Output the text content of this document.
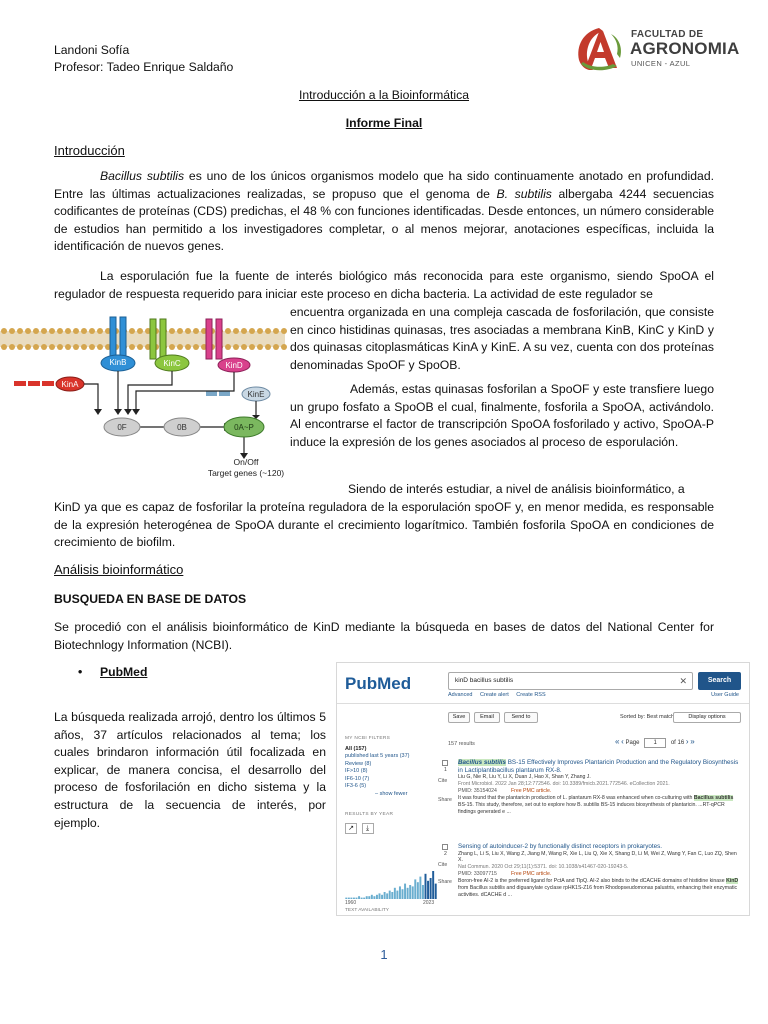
Landoni Sofía
Profesor: Tadeo Enrique Saldaño
FACULTAD DE
AGRONOMIA
UNICEN - AZUL
Introducción a la Bioinformática
Informe Final
Introducción
Bacillus subtilis es uno de los únicos organismos modelo que ha sido continuamente anotado en profundidad. Entre las últimas actualizaciones realizadas, se propuso que el genoma de B. subtilis albergaba 4244 secuencias codificantes de proteínas (CDS) predichas, el 48 % con funciones identificadas. Desde entonces, un número considerable de estudios han permitido a los investigadores completar, o al menos mejorar, anotaciones específicas, incluida la identificación de nuevos genes.
La esporulación fue la fuente de interés biológico más reconocida para este organismo, siendo SpoOA el regulador de respuesta requerido para iniciar este proceso en dicha bacteria. La actividad de este regulador se
encuentra organizada en una compleja cascada de fosforilación, que consiste en cinco histidinas quinasas, tres asociadas a membrana KinB, KinC y KinD y dos quinasas citoplasmáticas KinA y KinE. A su vez, cuenta con dos proteínas denominadas SpoOF y SpoOB.
KinB	KinC	KinD
KinA
KinE
0F	0B	0A~P
On/Off
Target genes (~120)
Además, estas quinasas fosforilan a SpoOF y este transfiere luego un grupo fosfato a SpoOB el cual, finalmente, fosforila a SpoOA, activándolo. Al encontrarse el factor de transcripción SpoOA fosforilado y activo, SpoOA-P induce la expresión de los genes asociados al proceso de esporulación.
Siendo de interés estudiar, a nivel de análisis bioinformático, a
KinD ya que es capaz de fosforilar la proteína reguladora de la esporulación spoOF y, en menor medida, es responsable de la expresión heterogénea de SpoOA durante el crecimiento logarítmico. También fosforila SpoOA en condiciones de crecimiento de biofilm.
Análisis bioinformático
BUSQUEDA EN BASE DE DATOS
Se procedió con el análisis bioinformático de KinD mediante la búsqueda en bases de datos del National Center for Biotechnlogy Information (NCBI).
• PubMed
La búsqueda realizada arrojó, dentro los últimos 5 años, 37 artículos relacionados al tema; los cuales brindaron información útil focalizada en explicar, de manera concisa, el desarrollo del proceso de fosforilación en dicho sistema y la estructura de la secuencia de interés, por ejemplo.
PubMed	kinD bacillus subtilis	✕	Search
Advanced Create alert Create RSS	User Guide
Save	Email	Send to	Sorted by: Best match	Display options
157 results	« ‹ Page 1 of 16 › »
MY NCBI FILTERS
All (157)
published last 5 years (37)
Review (8)
IF>10 (8)
IF6-10 (7)
IF3-6 (5)
– show fewer
RESULTS BY YEAR
↗ ⤓
1960	2023
TEXT AVAILABILITY
1
Cite
Share
Bacillus subtilis BS-15 Effectively Improves Plantaricin Production and the Regulatory Biosynthesis in Lactiplantibacillus plantarum RX-8.
Liu G, Nie R, Liu Y, Li X, Duan J, Hao X, Shan Y, Zhang J.
Front Microbiol. 2022 Jan 28;12:772546. doi: 10.3389/fmicb.2021.772546. eCollection 2021.
PMID: 35154024	Free PMC article.
It was found that the plantaricin production of L. plantarum RX-8 was enhanced when co-culturing with Bacillus subtilis BS-15. This study, therefore, set out to explore how B. subtilis BS-15 induces biosynthesis of plantaricin. ...RT-qPCR findings generated e ...
2
Cite
Share
Sensing of autoinducer-2 by functionally distinct receptors in prokaryotes.
Zhang L, Li S, Liu X, Wang Z, Jiang M, Wang R, Xie L, Liu Q, Xie X, Shang D, Li M, Wei Z, Wang Y, Fan C, Luo ZQ, Shen X.
Nat Commun. 2020 Oct 29;11(1):5371. doi: 10.1038/s41467-020-19243-5.
PMID: 33097715	Free PMC article.
Boron-free AI-2 is the preferred ligand for PctA and TlpQ. AI-2 also binds to the dCACHE domains of histidine kinase KinD from Bacillus subtilis and diguanylate cyclase rpHK1S-Z16 from Rhodopseudomonas palustris, enhancing their enzymatic activities. dCACHE d ...
1
